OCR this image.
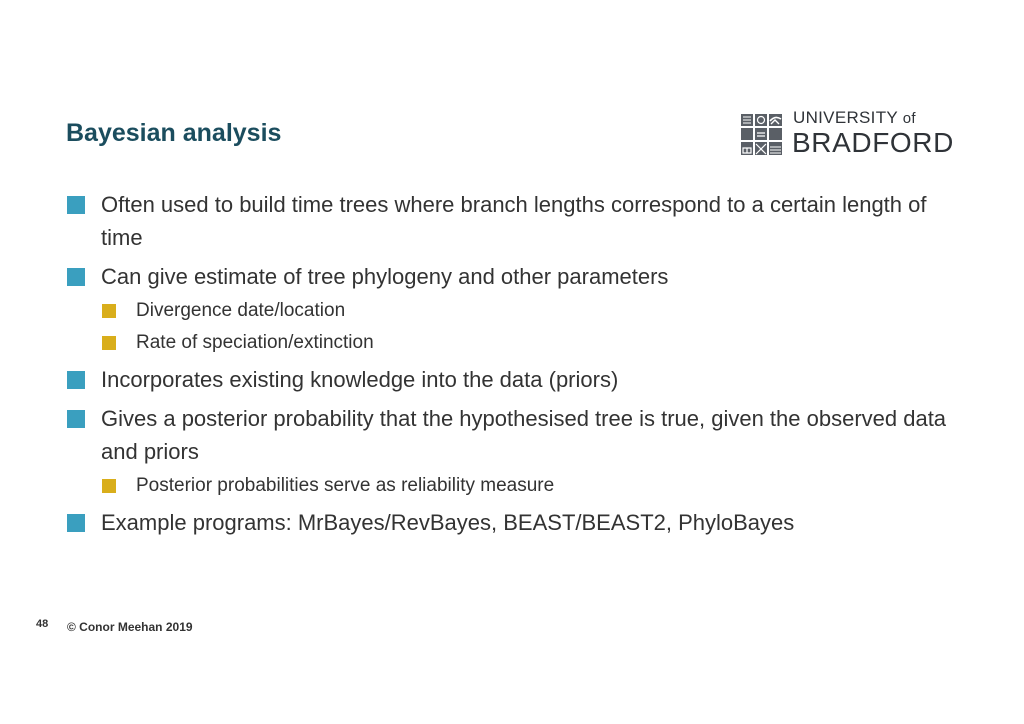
Bayesian analysis
UNIVERSITY of
BRADFORD
Often used to build time trees where branch lengths correspond to a certain length of time
Can give estimate of tree phylogeny and other parameters
Divergence date/location
Rate of speciation/extinction
Incorporates existing knowledge into the data (priors)
Gives a posterior probability that the hypothesised tree is true, given the observed data and priors
Posterior probabilities serve as reliability measure
Example programs: MrBayes/RevBayes, BEAST/BEAST2, PhyloBayes
48 © Conor Meehan 2019
